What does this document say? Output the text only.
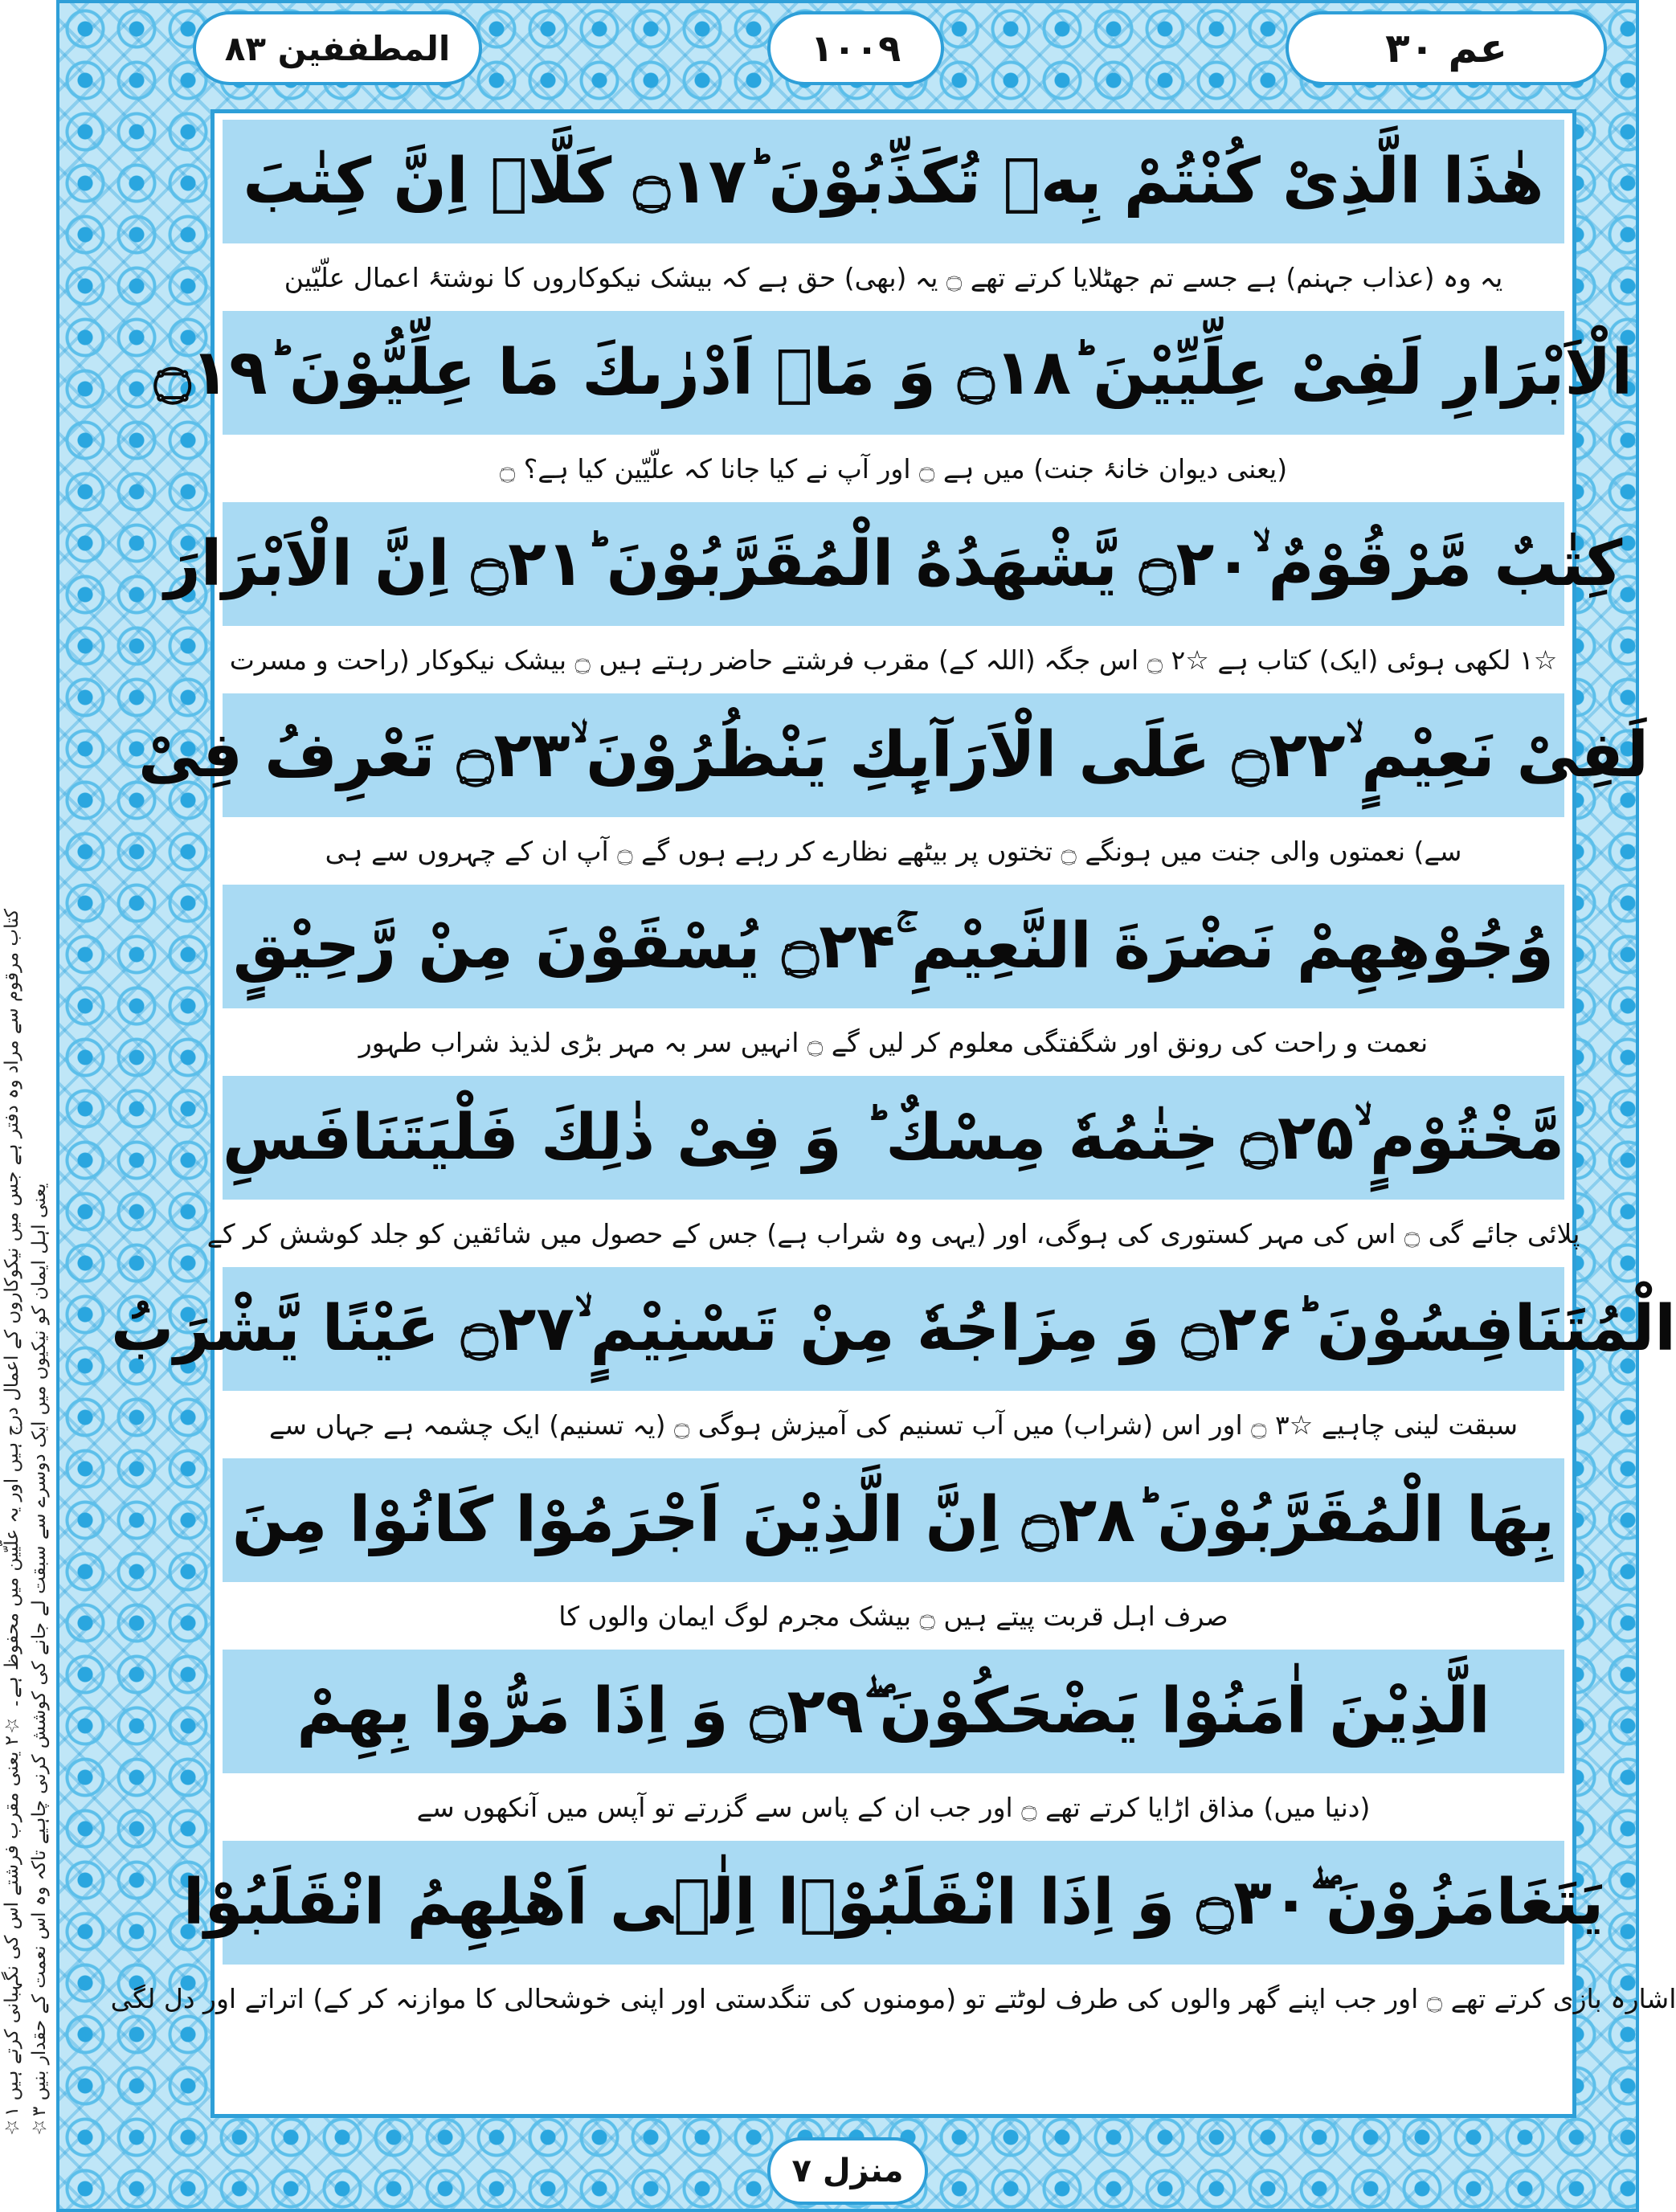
عم ۳۰
۱۰۰۹
المطففین ۸۳
☆۱ کتاب مرقوم سے مراد وہ دفتر ہے جس میں نیکوکاروں کے اعمال درج ہیں اور یہ علّیّین میں محفوظ ہے۔ ☆۲ یعنی مقرب فرشتے اس کی نگہبانی کرتے ہیں
☆۳ یعنی اہل ایمان کو نیکیوں میں ایک دوسرے سے سبقت لے جانے کی کوشش کرنی چاہیے تاکہ وہ اس نعمت کے حقدار بنیں
هٰذَا الَّذِیْ كُنْتُمْ بِهٖ تُكَذِّبُوْنَ ؕ۝۱۷ كَلَّاۤ اِنَّ كِتٰبَ
یہ وہ (عذاب جہنم) ہے جسے تم جھٹلایا کرتے تھے ۝ یہ (بھی) حق ہے کہ بیشک نیکوکاروں کا نوشتۂ اعمال علّیّین
الْاَبْرَارِ لَفِیْ عِلِّیِّیْنَ ؕ۝۱۸ وَ مَاۤ اَدْرٰىكَ مَا عِلِّیُّوْنَ ؕ۝۱۹
(یعنی دیوان خانۂ جنت) میں ہے ۝ اور آپ نے کیا جانا کہ علّیّین کیا ہے؟ ۝
كِتٰبٌ مَّرْقُوْمٌ ۙ۝۲۰ یَّشْهَدُهُ الْمُقَرَّبُوْنَ ؕ۝۲۱ اِنَّ الْاَبْرَارَ
☆۱ لکھی ہوئی (ایک) کتاب ہے ☆۲ ۝ اس جگہ (اللہ کے) مقرب فرشتے حاضر رہتے ہیں ۝ بیشک نیکوکار (راحت و مسرت
لَفِیْ نَعِیْمٍ ۙ۝۲۲ عَلَى الْاَرَآىِٕكِ یَنْظُرُوْنَ ۙ۝۲۳ تَعْرِفُ فِیْ
سے) نعمتوں والی جنت میں ہونگے ۝ تختوں پر بیٹھے نظارے کر رہے ہوں گے ۝ آپ ان کے چہروں سے ہی
وُجُوْهِهِمْ نَضْرَةَ النَّعِیْمِ ۚ۝۲۴ یُسْقَوْنَ مِنْ رَّحِیْقٍ
نعمت و راحت کی رونق اور شگفتگی معلوم کر لیں گے ۝ انہیں سر بہ مہر بڑی لذیذ شراب طہور
مَّخْتُوْمٍ ۙ۝۲۵ خِتٰمُهٗ مِسْكٌ ؕ وَ فِیْ ذٰلِكَ فَلْیَتَنَافَسِ
پلائی جائے گی ۝ اس کی مہر کستوری کی ہوگی، اور (یہی وہ شراب ہے) جس کے حصول میں شائقین کو جلد کوشش کر کے
الْمُتَنَافِسُوْنَ ؕ۝۲۶ وَ مِزَاجُهٗ مِنْ تَسْنِیْمٍ ۙ۝۲۷ عَیْنًا یَّشْرَبُ
سبقت لینی چاہیے ☆۳ ۝ اور اس (شراب) میں آب تسنیم کی آمیزش ہوگی ۝ (یہ تسنیم) ایک چشمہ ہے جہاں سے
بِهَا الْمُقَرَّبُوْنَ ؕ۝۲۸ اِنَّ الَّذِیْنَ اَجْرَمُوْا كَانُوْا مِنَ
صرف اہل قربت پیتے ہیں ۝ بیشک مجرم لوگ ایمان والوں کا
الَّذِیْنَ اٰمَنُوْا یَضْحَكُوْنَ ۖ۝۲۹ وَ اِذَا مَرُّوْا بِهِمْ
(دنیا میں) مذاق اڑایا کرتے تھے ۝ اور جب ان کے پاس سے گزرتے تو آپس میں آنکھوں سے
یَتَغَامَزُوْنَ ۖ۝۳۰ وَ اِذَا انْقَلَبُوْۤا اِلٰۤى اَهْلِهِمُ انْقَلَبُوْا
اشارہ بازی کرتے تھے ۝ اور جب اپنے گھر والوں کی طرف لوٹتے تو (مومنوں کی تنگدستی اور اپنی خوشحالی کا موازنہ کر کے) اتراتے اور دل لگی
منزل ۷
